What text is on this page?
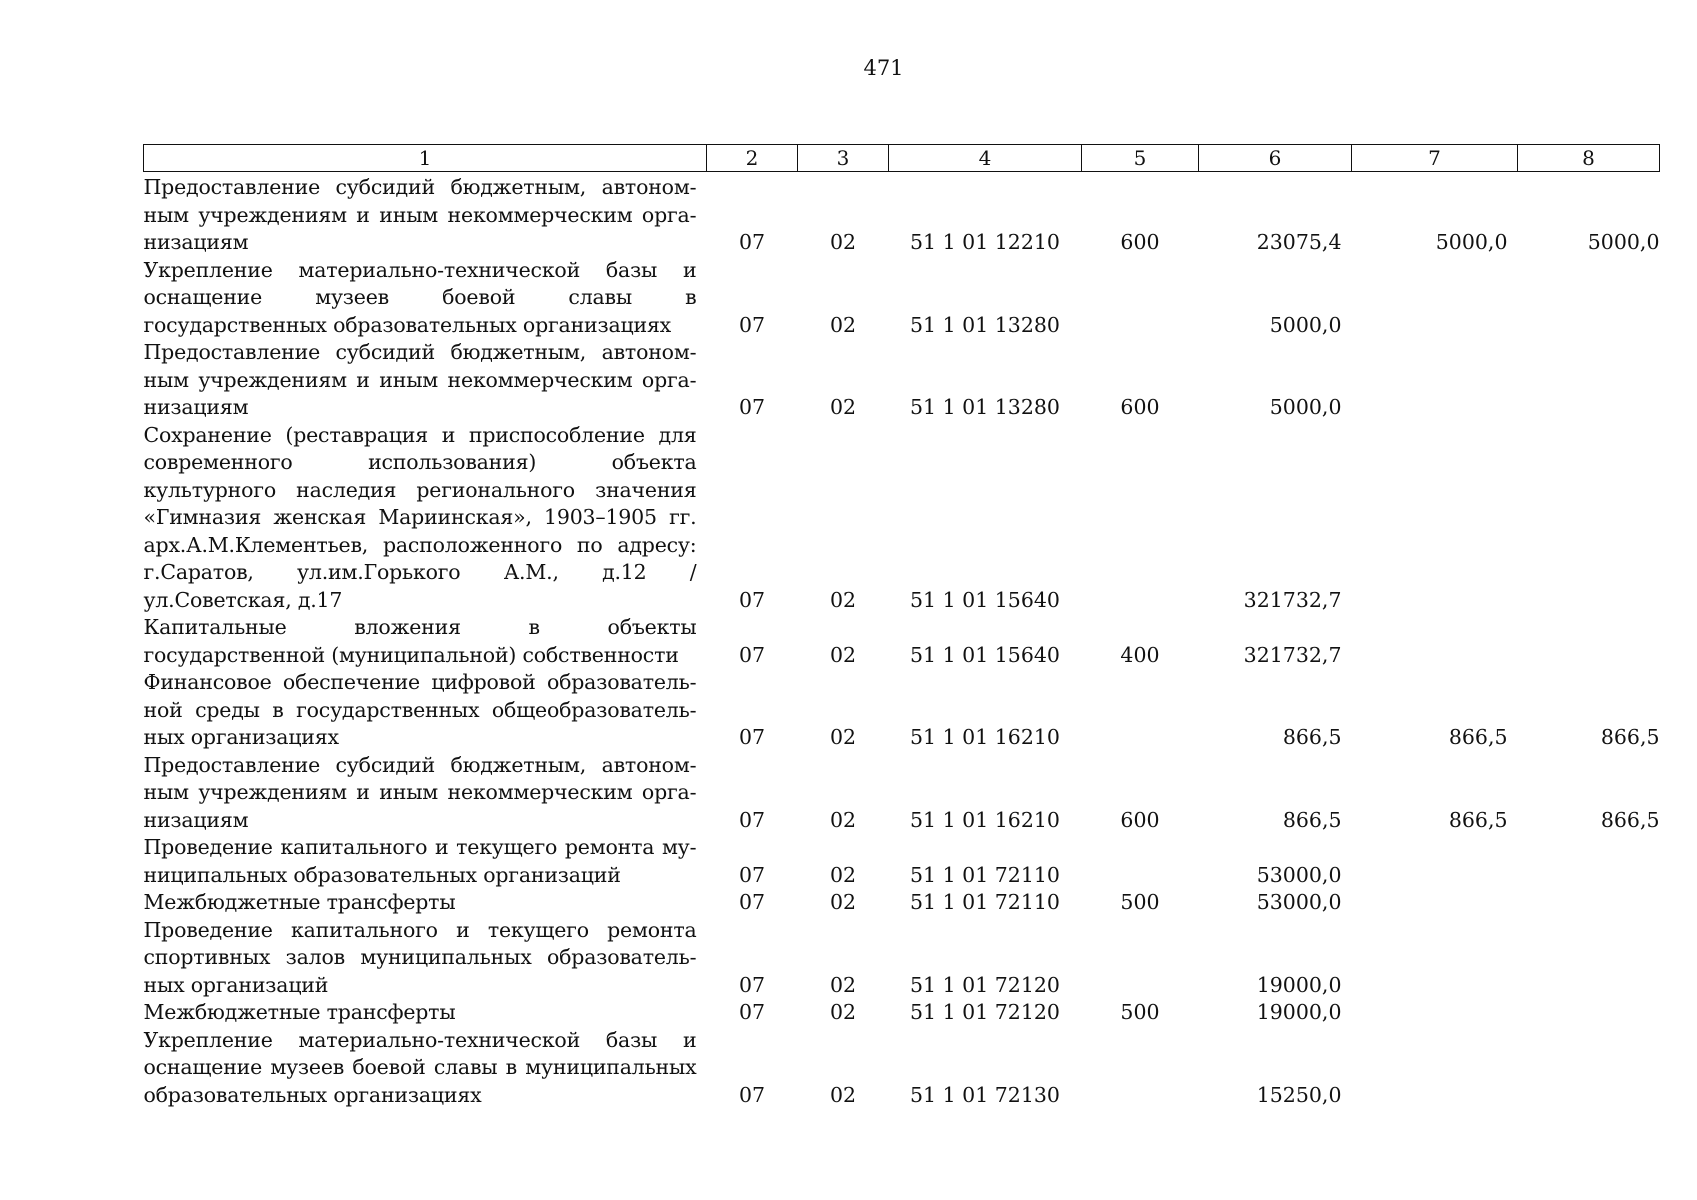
471
1	2	3	4	5	6	7	8
Предоставление субсидий бюджетным, автономным учреждениям и иным некоммерческим организациям	07	02	51 1 01 12210	600	23075,4	5000,0	5000,0
Укрепление материально-технической базы и оснащение музеев боевой славы в государственных образовательных организациях	07	02	51 1 01 13280		5000,0		
Предоставление субсидий бюджетным, автономным учреждениям и иным некоммерческим организациям	07	02	51 1 01 13280	600	5000,0		
Сохранение (реставрация и приспособление для современного использования) объекта культурного наследия регионального значения «Гимназия женская Мариинская», 1903–1905 гг. арх.А.М.Клементьев, расположенного по адресу: г.Саратов, ул.им.Горького А.М., д.12 / ул.Советская, д.17	07	02	51 1 01 15640		321732,7		
Капитальные вложения в объекты государственной (муниципальной) собственности	07	02	51 1 01 15640	400	321732,7		
Финансовое обеспечение цифровой образовательной среды в государственных общеобразовательных организациях	07	02	51 1 01 16210		866,5	866,5	866,5
Предоставление субсидий бюджетным, автономным учреждениям и иным некоммерческим организациям	07	02	51 1 01 16210	600	866,5	866,5	866,5
Проведение капитального и текущего ремонта муниципальных образовательных организаций	07	02	51 1 01 72110		53000,0		
Межбюджетные трансферты	07	02	51 1 01 72110	500	53000,0		
Проведение капитального и текущего ремонта спортивных залов муниципальных образовательных организаций	07	02	51 1 01 72120		19000,0		
Межбюджетные трансферты	07	02	51 1 01 72120	500	19000,0		
Укрепление материально-технической базы и оснащение музеев боевой славы в муниципальных образовательных организациях	07	02	51 1 01 72130		15250,0		
